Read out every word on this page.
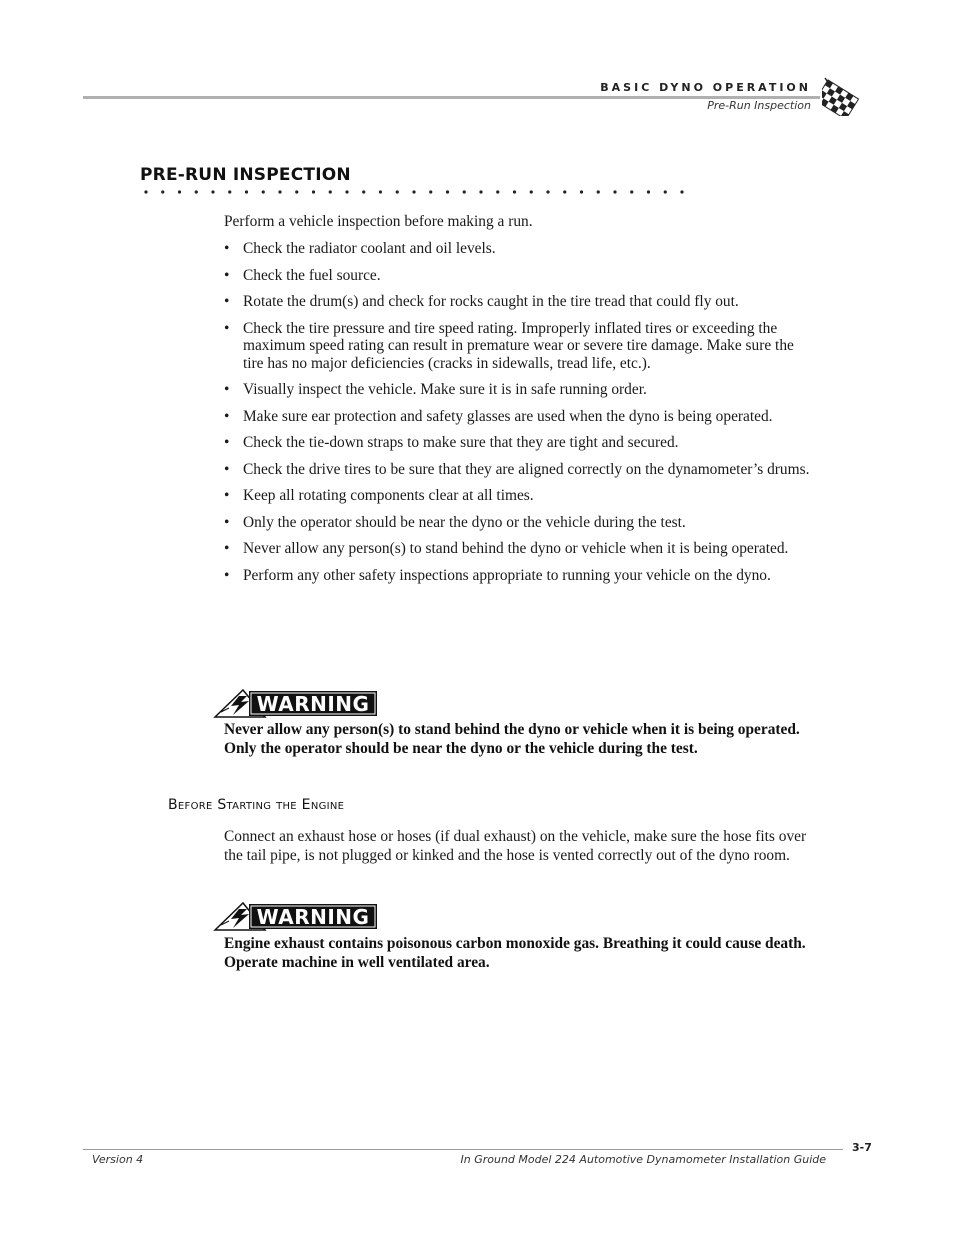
BASIC DYNO OPERATION
Pre-Run Inspection
PRE-RUN INSPECTION
Perform a vehicle inspection before making a run.
• Check the radiator coolant and oil levels.
• Check the fuel source.
• Rotate the drum(s) and check for rocks caught in the tire tread that could fly out.
• Check the tire pressure and tire speed rating. Improperly inflated tires or exceeding the maximum speed rating can result in premature wear or severe tire damage. Make sure the tire has no major deficiencies (cracks in sidewalls, tread life, etc.).
• Visually inspect the vehicle. Make sure it is in safe running order.
• Make sure ear protection and safety glasses are used when the dyno is being operated.
• Check the tie-down straps to make sure that they are tight and secured.
• Check the drive tires to be sure that they are aligned correctly on the dynamometer’s drums.
• Keep all rotating components clear at all times.
• Only the operator should be near the dyno or the vehicle during the test.
• Never allow any person(s) to stand behind the dyno or vehicle when it is being operated.
• Perform any other safety inspections appropriate to running your vehicle on the dyno.
WARNING
Never allow any person(s) to stand behind the dyno or vehicle when it is being operated. Only the operator should be near the dyno or the vehicle during the test.
Before Starting the Engine
Connect an exhaust hose or hoses (if dual exhaust) on the vehicle, make sure the hose fits over the tail pipe, is not plugged or kinked and the hose is vented correctly out of the dyno room.
WARNING
Engine exhaust contains poisonous carbon monoxide gas. Breathing it could cause death. Operate machine in well ventilated area.
3-7
Version 4	In Ground Model 224 Automotive Dynamometer Installation Guide
